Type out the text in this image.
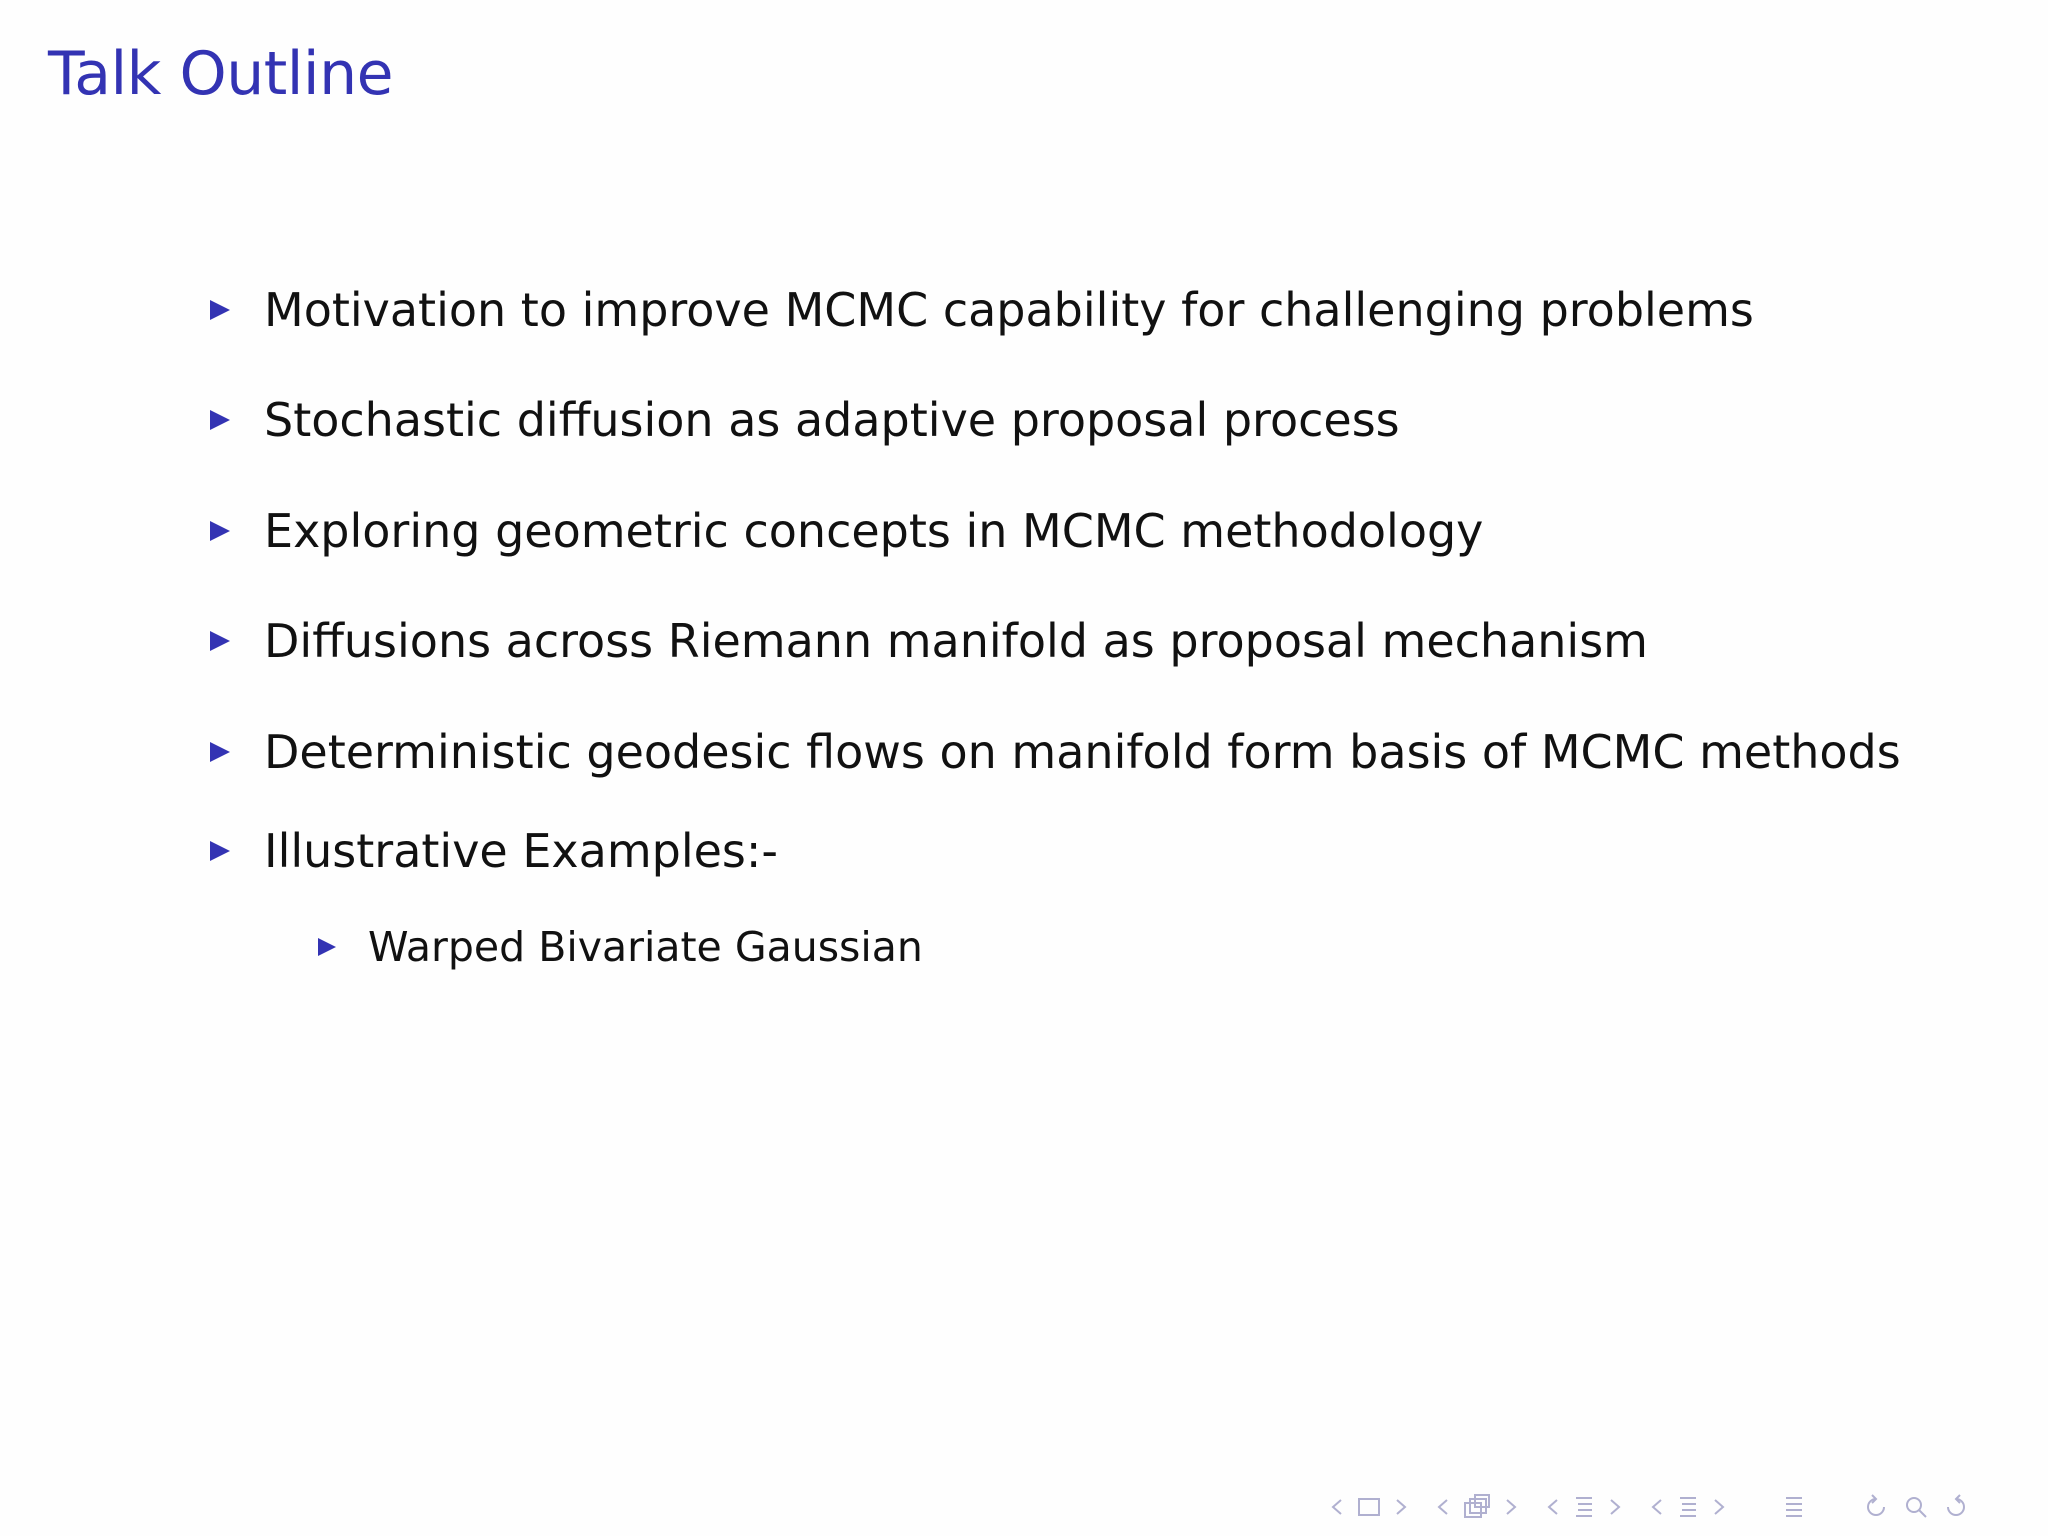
Talk Outline
Motivation to improve MCMC capability for challenging problems
Stochastic diffusion as adaptive proposal process
Exploring geometric concepts in MCMC methodology
Diffusions across Riemann manifold as proposal mechanism
Deterministic geodesic flows on manifold form basis of MCMC methods
Illustrative Examples:-
Warped Bivariate Gaussian
